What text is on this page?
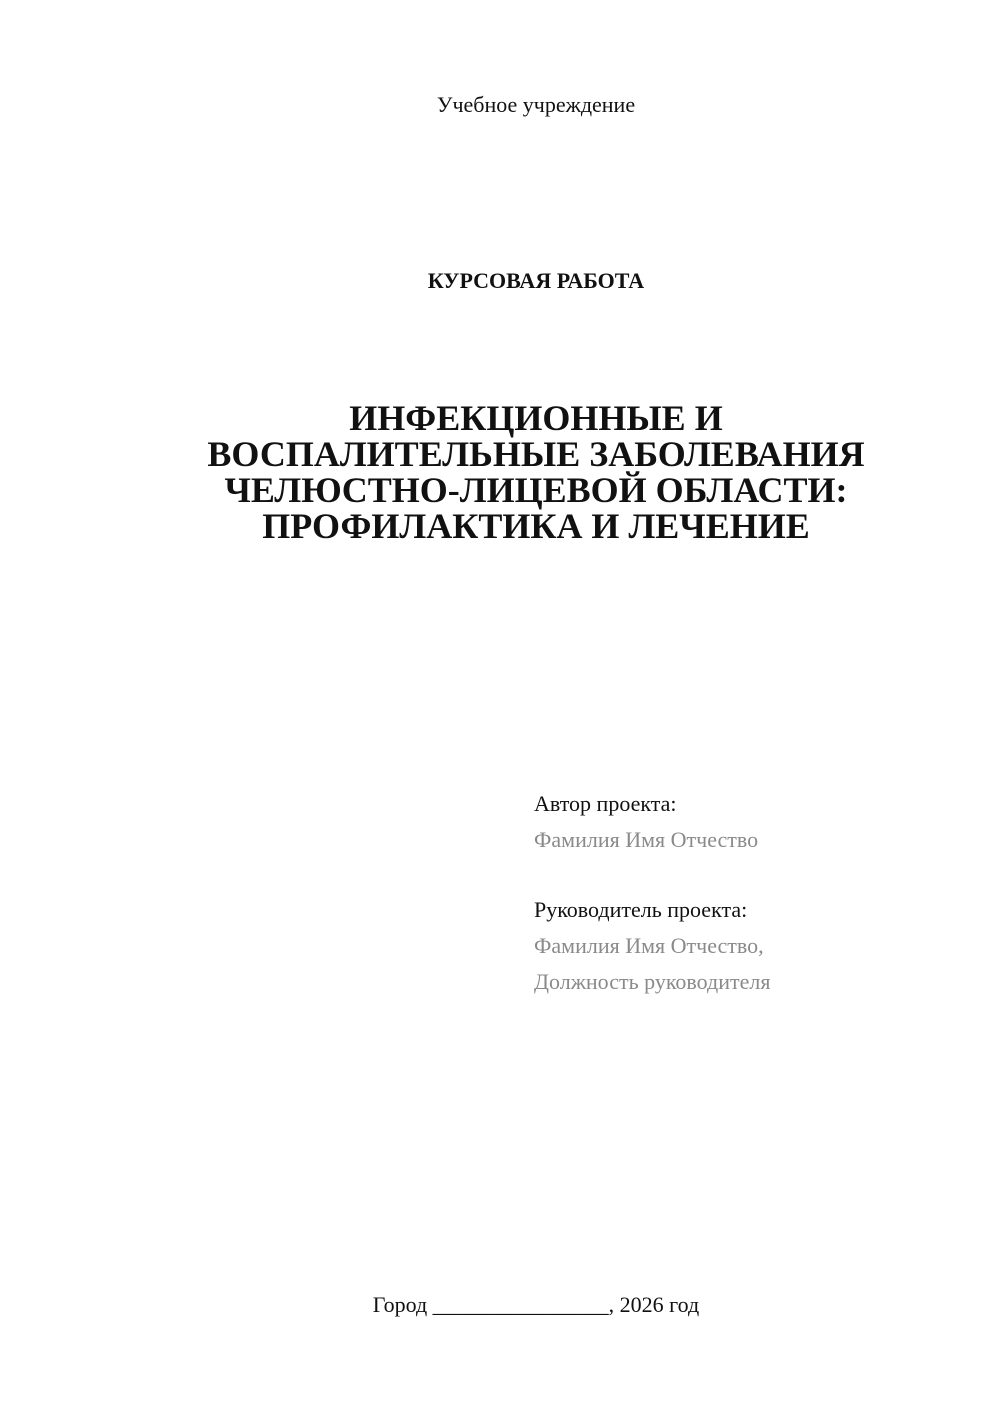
Учебное учреждение
КУРСОВАЯ РАБОТА
ИНФЕКЦИОННЫЕ И
ВОСПАЛИТЕЛЬНЫЕ ЗАБОЛЕВАНИЯ
ЧЕЛЮСТНО-ЛИЦЕВОЙ ОБЛАСТИ:
ПРОФИЛАКТИКА И ЛЕЧЕНИЕ
Автор проекта:
Фамилия Имя Отчество
Руководитель проекта:
Фамилия Имя Отчество,
Должность руководителя
Город ________________, 2026 год
